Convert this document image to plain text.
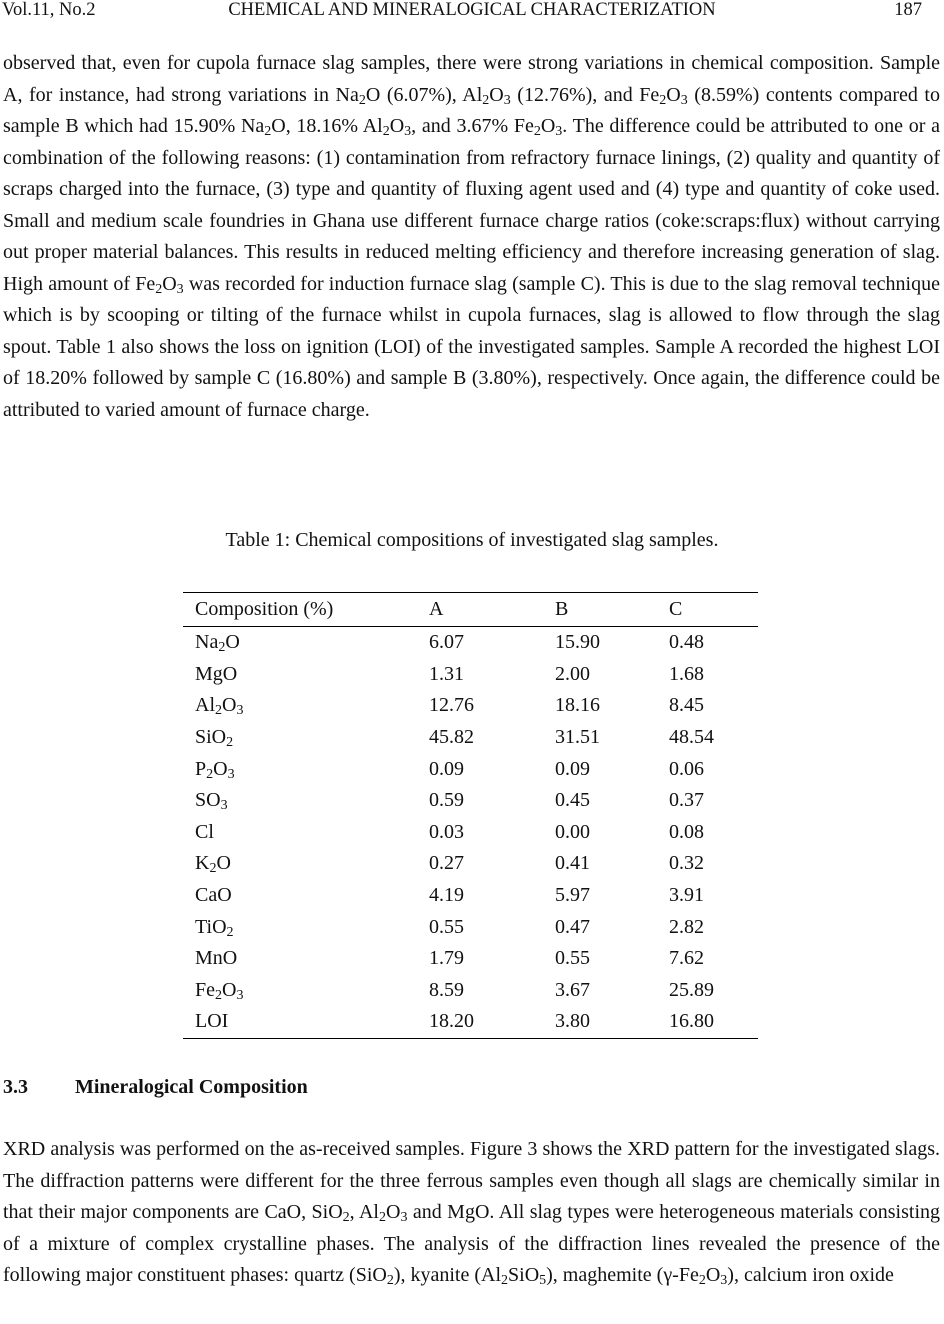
Vol.11, No.2	CHEMICAL AND MINERALOGICAL CHARACTERIZATION	187

observed that, even for cupola furnace slag samples, there were strong variations in chemical composition. Sample A, for instance, had strong variations in $Na_2O$ (6.07%), $Al_2O_3$ (12.76%), and $Fe_2O_3$ (8.59%) contents compared to sample B which had 15.90% $Na_2O$, 18.16% $Al_2O_3$, and 3.67% $Fe_2O_3$. The difference could be attributed to one or a combination of the following reasons: (1) contamination from refractory furnace linings, (2) quality and quantity of scraps charged into the furnace, (3) type and quantity of fluxing agent used and (4) type and quantity of coke used. Small and medium scale foundries in Ghana use different furnace charge ratios (coke:scraps:flux) without carrying out proper material balances. This results in reduced melting efficiency and therefore increasing generation of slag. High amount of $Fe_2O_3$ was recorded for induction furnace slag (sample C). This is due to the slag removal technique which is by scooping or tilting of the furnace whilst in cupola furnaces, slag is allowed to flow through the slag spout. Table 1 also shows the loss on ignition (LOI) of the investigated samples. Sample A recorded the highest LOI of 18.20% followed by sample C (16.80%) and sample B (3.80%), respectively. Once again, the difference could be attributed to varied amount of furnace charge.

Table 1: Chemical compositions of investigated slag samples.

Composition (%)	A	B	C
$Na_2O$	6.07	15.90	0.48
MgO	1.31	2.00	1.68
$Al_2O_3$	12.76	18.16	8.45
SiO$_2$	45.82	31.51	48.54
$P_2O_3$	0.09	0.09	0.06
$SO_3$	0.59	0.45	0.37
Cl	0.03	0.00	0.08
$K_2O$	0.27	0.41	0.32
CaO	4.19	5.97	3.91
TiO$_2$	0.55	0.47	2.82
MnO	1.79	0.55	7.62
$Fe_2O_3$	8.59	3.67	25.89
LOI	18.20	3.80	16.80
3.3 Mineralogical Composition

XRD analysis was performed on the as-received samples. Figure 3 shows the XRD pattern for the investigated slags. The diffraction patterns were different for the three ferrous samples even though all slags are chemically similar in that their major components are CaO, SiO$_2$, $Al_2O_3$ and MgO. All slag types were heterogeneous materials consisting of a mixture of complex crystalline phases. The analysis of the diffraction lines revealed the presence of the following major constituent phases: quartz (SiO$_2$), kyanite $(Al_2SiO_5)$, maghemite $(\gamma-Fe_2O_3)$, calcium iron oxide
